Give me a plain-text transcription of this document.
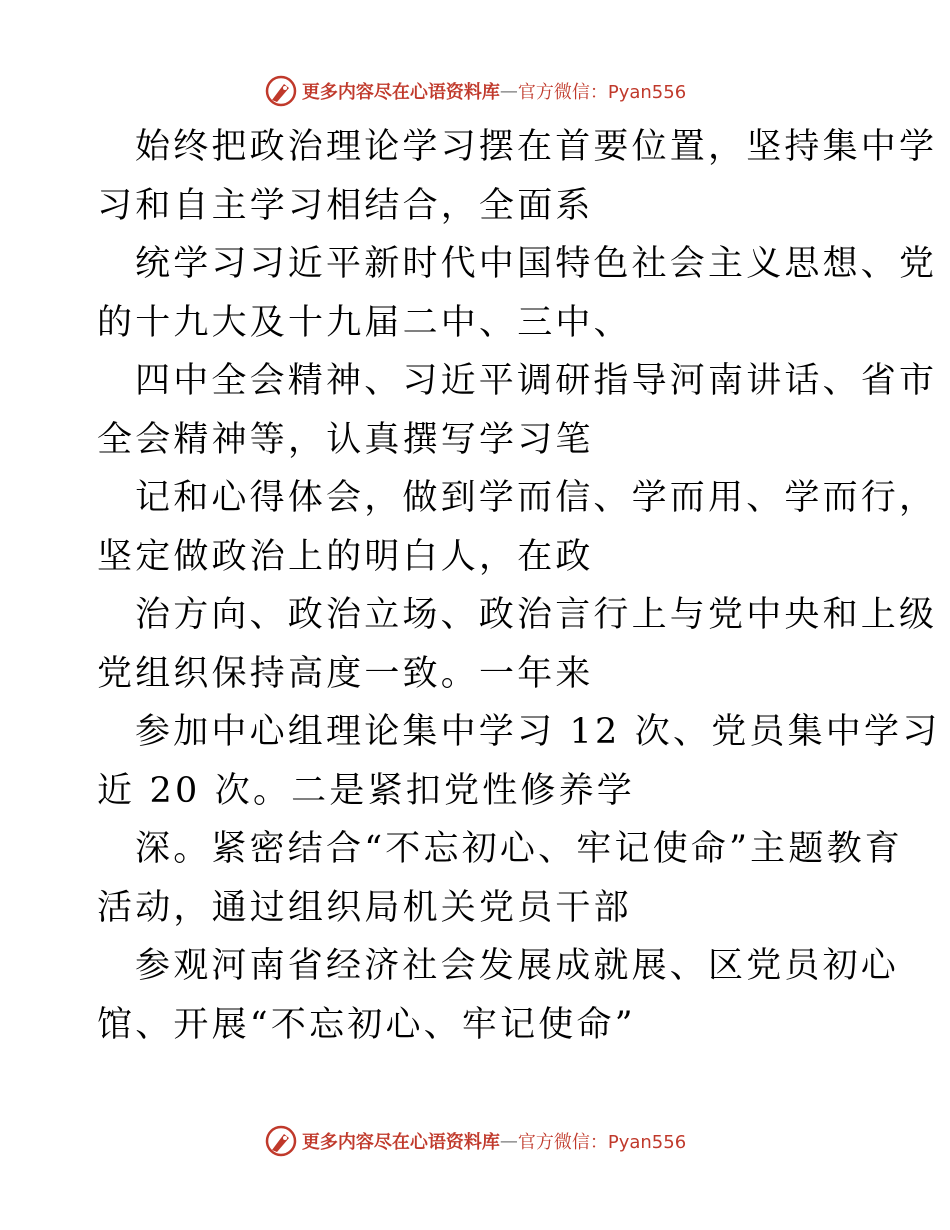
更多内容尽在心语资料库 — 官方微信：Pyan556
始终把政治理论学习摆在首要位置，坚持集中学
习和自主学习相结合，全面系
统学习习近平新时代中国特色社会主义思想、党
的十九大及十九届二中、三中、
四中全会精神、习近平调研指导河南讲话、省市
全会精神等，认真撰写学习笔
记和心得体会，做到学而信、学而用、学而行，
坚定做政治上的明白人，在政
治方向、政治立场、政治言行上与党中央和上级
党组织保持高度一致。一年来
参加中心组理论集中学习 12 次、党员集中学习
近 20 次。二是紧扣党性修养学
深。紧密结合“不忘初心、牢记使命”主题教育
活动，通过组织局机关党员干部
参观河南省经济社会发展成就展、区党员初心
馆、开展“不忘初心、牢记使命”
更多内容尽在心语资料库 — 官方微信：Pyan556
